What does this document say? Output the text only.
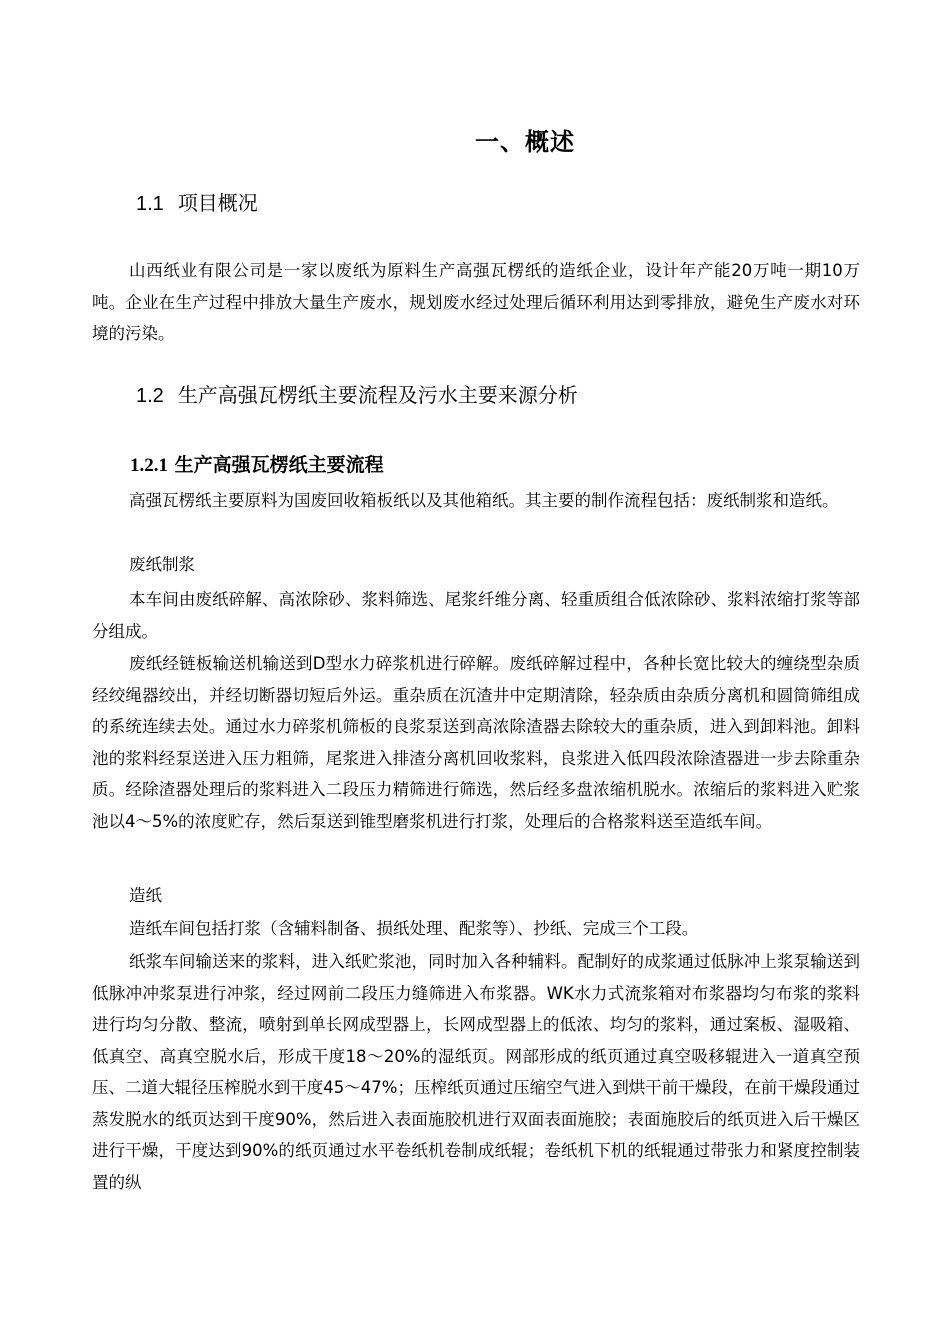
一、概述
1.1 项目概况
山西纸业有限公司是一家以废纸为原料生产高强瓦楞纸的造纸企业，设计年产能20万吨一期10万吨。企业在生产过程中排放大量生产废水，规划废水经过处理后循环利用达到零排放，避免生产废水对环境的污染。
1.2 生产高强瓦楞纸主要流程及污水主要来源分析
1.2.1 生产高强瓦楞纸主要流程
高强瓦楞纸主要原料为国废回收箱板纸以及其他箱纸。其主要的制作流程包括：废纸制浆和造纸。
废纸制浆
本车间由废纸碎解、高浓除砂、浆料筛选、尾浆纤维分离、轻重质组合低浓除砂、浆料浓缩打浆等部分组成。
废纸经链板输送机输送到D型水力碎浆机进行碎解。废纸碎解过程中，各种长宽比较大的缠绕型杂质经绞绳器绞出，并经切断器切短后外运。重杂质在沉渣井中定期清除，轻杂质由杂质分离机和圆筒筛组成的系统连续去处。通过水力碎浆机筛板的良浆泵送到高浓除渣器去除较大的重杂质，进入到卸料池。卸料池的浆料经泵送进入压力粗筛，尾浆进入排渣分离机回收浆料，良浆进入低四段浓除渣器进一步去除重杂质。经除渣器处理后的浆料进入二段压力精筛进行筛选，然后经多盘浓缩机脱水。浓缩后的浆料进入贮浆池以4～5%的浓度贮存，然后泵送到锥型磨浆机进行打浆，处理后的合格浆料送至造纸车间。
造纸
造纸车间包括打浆（含辅料制备、损纸处理、配浆等）、抄纸、完成三个工段。
纸浆车间输送来的浆料，进入纸贮浆池，同时加入各种辅料。配制好的成浆通过低脉冲上浆泵输送到低脉冲冲浆泵进行冲浆，经过网前二段压力缝筛进入布浆器。WK水力式流浆箱对布浆器均匀布浆的浆料进行均匀分散、整流，喷射到单长网成型器上，长网成型器上的低浓、均匀的浆料，通过案板、湿吸箱、低真空、高真空脱水后，形成干度18～20%的湿纸页。网部形成的纸页通过真空吸移辊进入一道真空预压、二道大辊径压榨脱水到干度45～47%；压榨纸页通过压缩空气进入到烘干前干燥段，在前干燥段通过蒸发脱水的纸页达到干度90%，然后进入表面施胶机进行双面表面施胶；表面施胶后的纸页进入后干燥区进行干燥，干度达到90%的纸页通过水平卷纸机卷制成纸辊；卷纸机下机的纸辊通过带张力和紧度控制装置的纵
